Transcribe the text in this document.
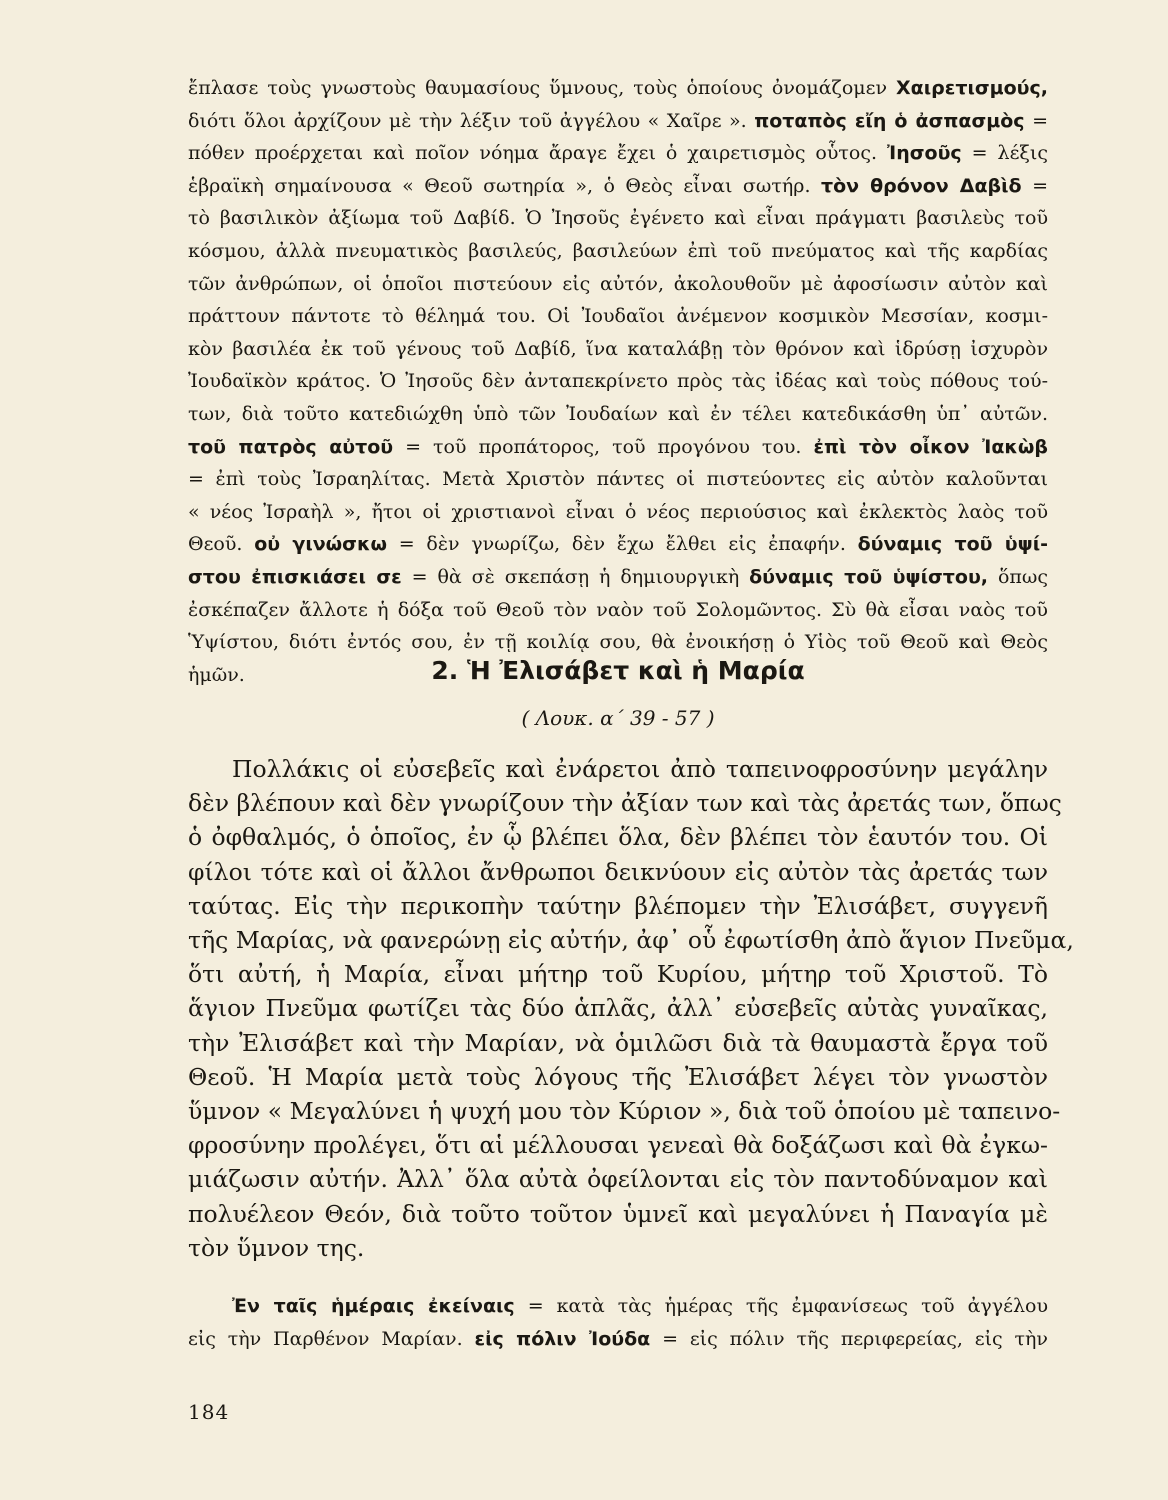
ἔπλασε τοὺς γνωστοὺς θαυμασίους ὕμνους, τοὺς ὁποίους ὀνομάζομεν Χαιρετισμούς,
διότι ὅλοι ἀρχίζουν μὲ τὴν λέξιν τοῦ ἀγγέλου « Χαῖρε ». ποταπὸς εἴη ὁ ἀσπασμὸς =
πόθεν προέρχεται καὶ ποῖον νόημα ἄραγε ἔχει ὁ χαιρετισμὸς οὗτος. Ἰησοῦς = λέξις
ἑβραϊκὴ σημαίνουσα « Θεοῦ σωτηρία », ὁ Θεὸς εἶναι σωτήρ. τὸν θρόνον Δαβὶδ =
τὸ βασιλικὸν ἀξίωμα τοῦ Δαβίδ. Ὁ Ἰησοῦς ἐγένετο καὶ εἶναι πράγματι βασιλεὺς τοῦ
κόσμου, ἀλλὰ πνευματικὸς βασιλεύς, βασιλεύων ἐπὶ τοῦ πνεύματος καὶ τῆς καρδίας
τῶν ἀνθρώπων, οἱ ὁποῖοι πιστεύουν εἰς αὐτόν, ἀκολουθοῦν μὲ ἀφοσίωσιν αὐτὸν καὶ
πράττουν πάντοτε τὸ θέλημά του. Οἱ Ἰουδαῖοι ἀνέμενον κοσμικὸν Μεσσίαν, κοσμι-
κὸν βασιλέα ἐκ τοῦ γένους τοῦ Δαβίδ, ἵνα καταλάβῃ τὸν θρόνον καὶ ἱδρύσῃ ἰσχυρὸν
Ἰουδαϊκὸν κράτος. Ὁ Ἰησοῦς δὲν ἀνταπεκρίνετο πρὸς τὰς ἰδέας καὶ τοὺς πόθους τού-
των, διὰ τοῦτο κατεδιώχθη ὑπὸ τῶν Ἰουδαίων καὶ ἐν τέλει κατεδικάσθη ὑπ᾽ αὐτῶν.
τοῦ πατρὸς αὐτοῦ = τοῦ προπάτορος, τοῦ προγόνου του. ἐπὶ τὸν οἶκον Ἰακὼβ
= ἐπὶ τοὺς Ἰσραηλίτας. Μετὰ Χριστὸν πάντες οἱ πιστεύοντες εἰς αὐτὸν καλοῦνται
« νέος Ἰσραὴλ », ἤτοι οἱ χριστιανοὶ εἶναι ὁ νέος περιούσιος καὶ ἐκλεκτὸς λαὸς τοῦ
Θεοῦ. οὐ γινώσκω = δὲν γνωρίζω, δὲν ἔχω ἔλθει εἰς ἐπαφήν. δύναμις τοῦ ὑψί-
στου ἐπισκιάσει σε = θὰ σὲ σκεπάσῃ ἡ δημιουργικὴ δύναμις τοῦ ὑψίστου, ὅπως
ἐσκέπαζεν ἄλλοτε ἡ δόξα τοῦ Θεοῦ τὸν ναὸν τοῦ Σολομῶντος. Σὺ θὰ εἶσαι ναὸς τοῦ
Ὑψίστου, διότι ἐντός σου, ἐν τῇ κοιλίᾳ σου, θὰ ἐνοικήσῃ ὁ Υἱὸς τοῦ Θεοῦ καὶ Θεὸς
ἡμῶν.	2. Ἡ Ἐλισάβετ καὶ ἡ Μαρία
( Λουκ. α΄ 39 - 57 )
Πολλάκις οἱ εὐσεβεῖς καὶ ἐνάρετοι ἀπὸ ταπεινοφροσύνην μεγάλην
δὲν βλέπουν καὶ δὲν γνωρίζουν τὴν ἀξίαν των καὶ τὰς ἀρετάς των, ὅπως
ὁ ὀφθαλμός, ὁ ὁποῖος, ἐν ᾧ βλέπει ὅλα, δὲν βλέπει τὸν ἑαυτόν του. Οἱ
φίλοι τότε καὶ οἱ ἄλλοι ἄνθρωποι δεικνύουν εἰς αὐτὸν τὰς ἀρετάς των
ταύτας. Εἰς τὴν περικοπὴν ταύτην βλέπομεν τὴν Ἐλισάβετ, συγγενῆ
τῆς Μαρίας, νὰ φανερώνῃ εἰς αὐτήν, ἀφ᾽ οὗ ἐφωτίσθη ἀπὸ ἅγιον Πνεῦμα,
ὅτι αὐτή, ἡ Μαρία, εἶναι μήτηρ τοῦ Κυρίου, μήτηρ τοῦ Χριστοῦ. Τὸ
ἅγιον Πνεῦμα φωτίζει τὰς δύο ἁπλᾶς, ἀλλ᾽ εὐσεβεῖς αὐτὰς γυναῖκας,
τὴν Ἐλισάβετ καὶ τὴν Μαρίαν, νὰ ὁμιλῶσι διὰ τὰ θαυμαστὰ ἔργα τοῦ
Θεοῦ. Ἡ Μαρία μετὰ τοὺς λόγους τῆς Ἐλισάβετ λέγει τὸν γνωστὸν
ὕμνον « Μεγαλύνει ἡ ψυχή μου τὸν Κύριον », διὰ τοῦ ὁποίου μὲ ταπεινο-
φροσύνην προλέγει, ὅτι αἱ μέλλουσαι γενεαὶ θὰ δοξάζωσι καὶ θὰ ἐγκω-
μιάζωσιν αὐτήν. Ἀλλ᾽ ὅλα αὐτὰ ὀφείλονται εἰς τὸν παντοδύναμον καὶ
πολυέλεον Θεόν, διὰ τοῦτο τοῦτον ὑμνεῖ καὶ μεγαλύνει ἡ Παναγία μὲ
τὸν ὕμνον της.
Ἐν ταῖς ἡμέραις ἐκείναις = κατὰ τὰς ἡμέρας τῆς ἐμφανίσεως τοῦ ἀγγέλου
εἰς τὴν Παρθένον Μαρίαν. εἰς πόλιν Ἰούδα = εἰς πόλιν τῆς περιφερείας, εἰς τὴν
184
